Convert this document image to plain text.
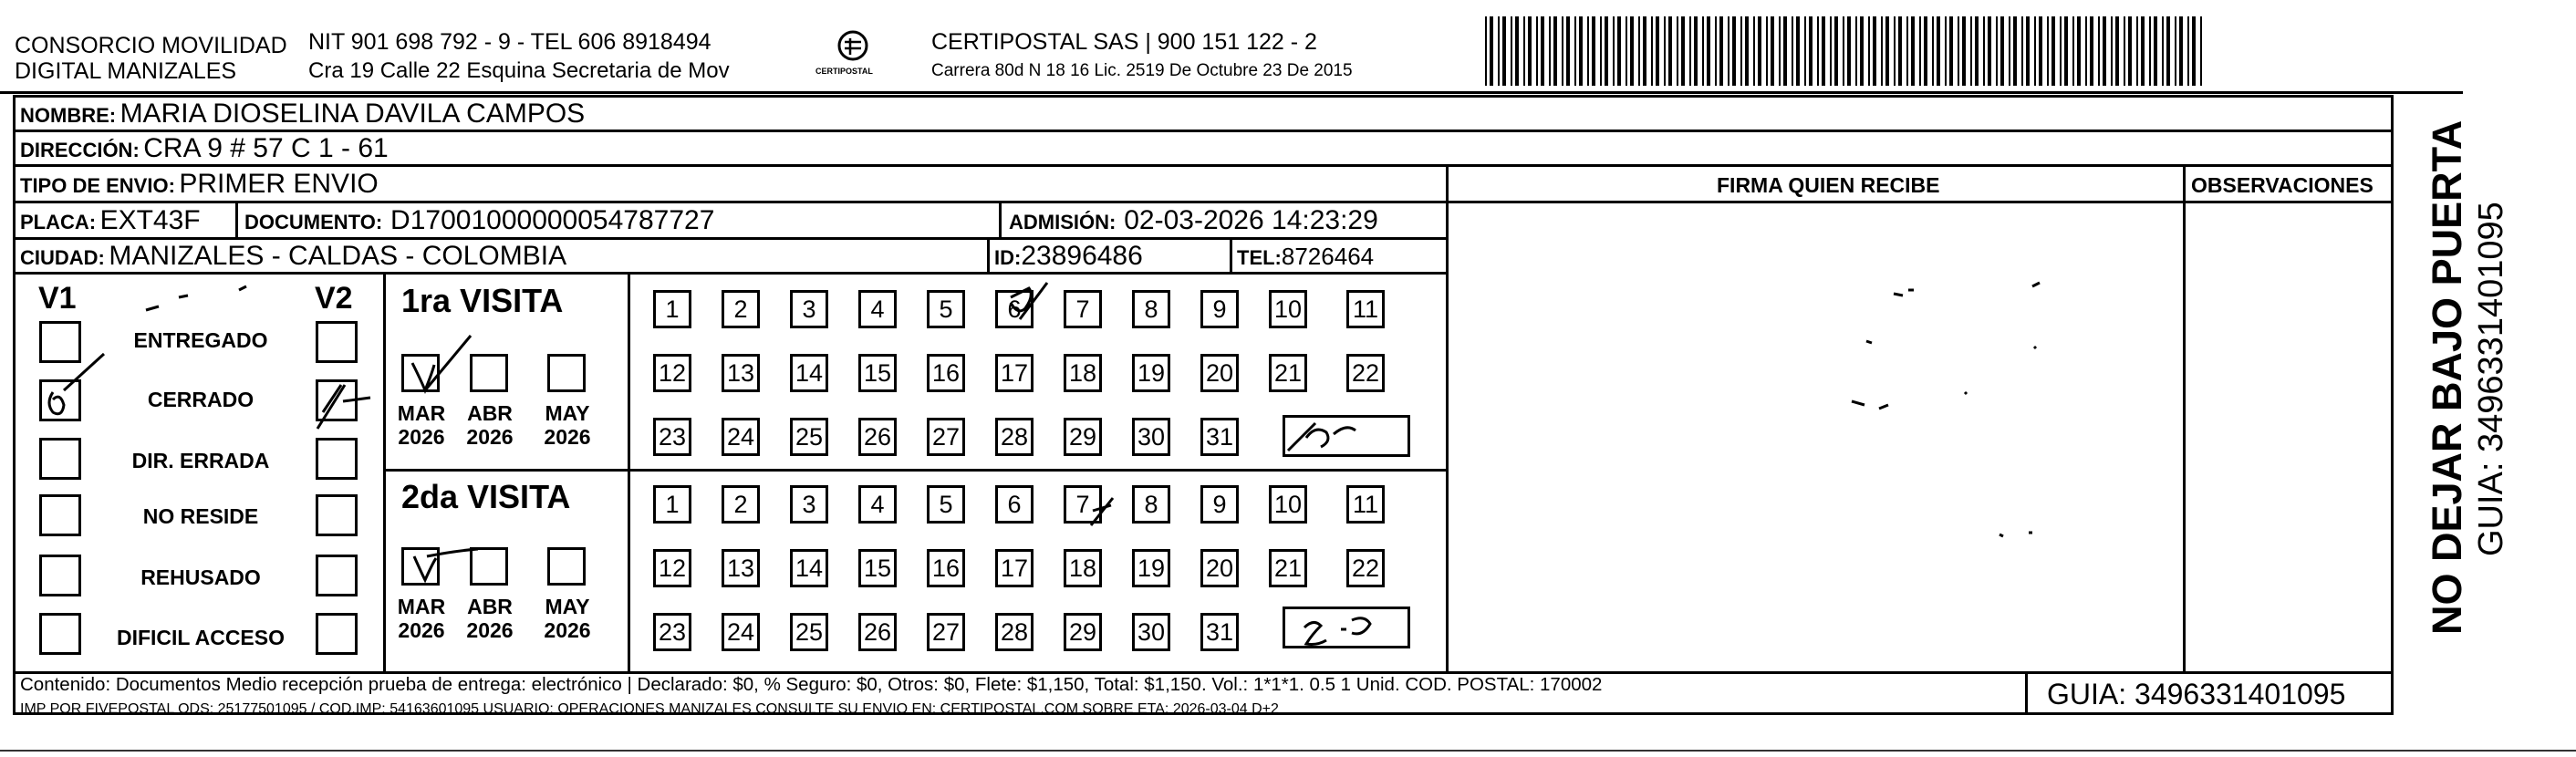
CONSORCIO MOVILIDAD
DIGITAL MANIZALES
NIT 901 698 792 - 9 - TEL 606 8918494
Cra 19 Calle 22 Esquina Secretaria de Mov	CERTIPOSTAL
CERTIPOSTAL SAS | 900 151 122 - 2
Carrera 80d N 18 16 Lic. 2519 De Octubre 23 De 2015
NOMBRE: MARIA DIOSELINA DAVILA CAMPOS
DIRECCIÓN: CRA 9 # 57 C 1 - 61
TIPO DE ENVIO: PRIMER ENVIO
PLACA: EXT43F DOCUMENTO: D17001000000054787727	ADMISIÓN: 02-03-2026 14:23:29
CIUDAD: MANIZALES - CALDAS - COLOMBIA	ID:23896486	TEL:8726464
V1	V2
ENTREGADO
CERRADO
DIR. ERRADA
NO RESIDE
REHUSADO
DIFICIL ACCESO
1ra VISITA
2da VISITA
MAR
2026
ABR
2026
MAY
2026
MAR
2026
ABR
2026
MAY
2026
1	2	3	4	5	6	7	8	9	10 11
12 13 14 15 16 17 18 19 20 21 22
23 24 25 26 27 28 29 30 31
1	2	3	4	5	6	7	8	9	10 11
12 13 14 15 16 17 18 19 20 21 22
23 24 25 26 27 28 29 30 31
FIRMA QUIEN RECIBE	OBSERVACIONES
Contenido: Documentos Medio recepción prueba de entrega: electrónico | Declarado: $0, % Seguro: $0, Otros: $0, Flete: $1,150, Total: $1,150. Vol.: 1*1*1. 0.5 1 Unid. COD. POSTAL: 170002
IMP POR FIVEPOSTAL ODS: 25177501095 / COD.IMP: 54163601095 USUARIO: OPERACIONES MANIZALES CONSULTE SU ENVIO EN: CERTIPOSTAL.COM SOBRE ETA: 2026-03-04 D+2	GUIA: 3496331401095
NO DEJAR BAJO PUERTA GUIA: 3496331401095
